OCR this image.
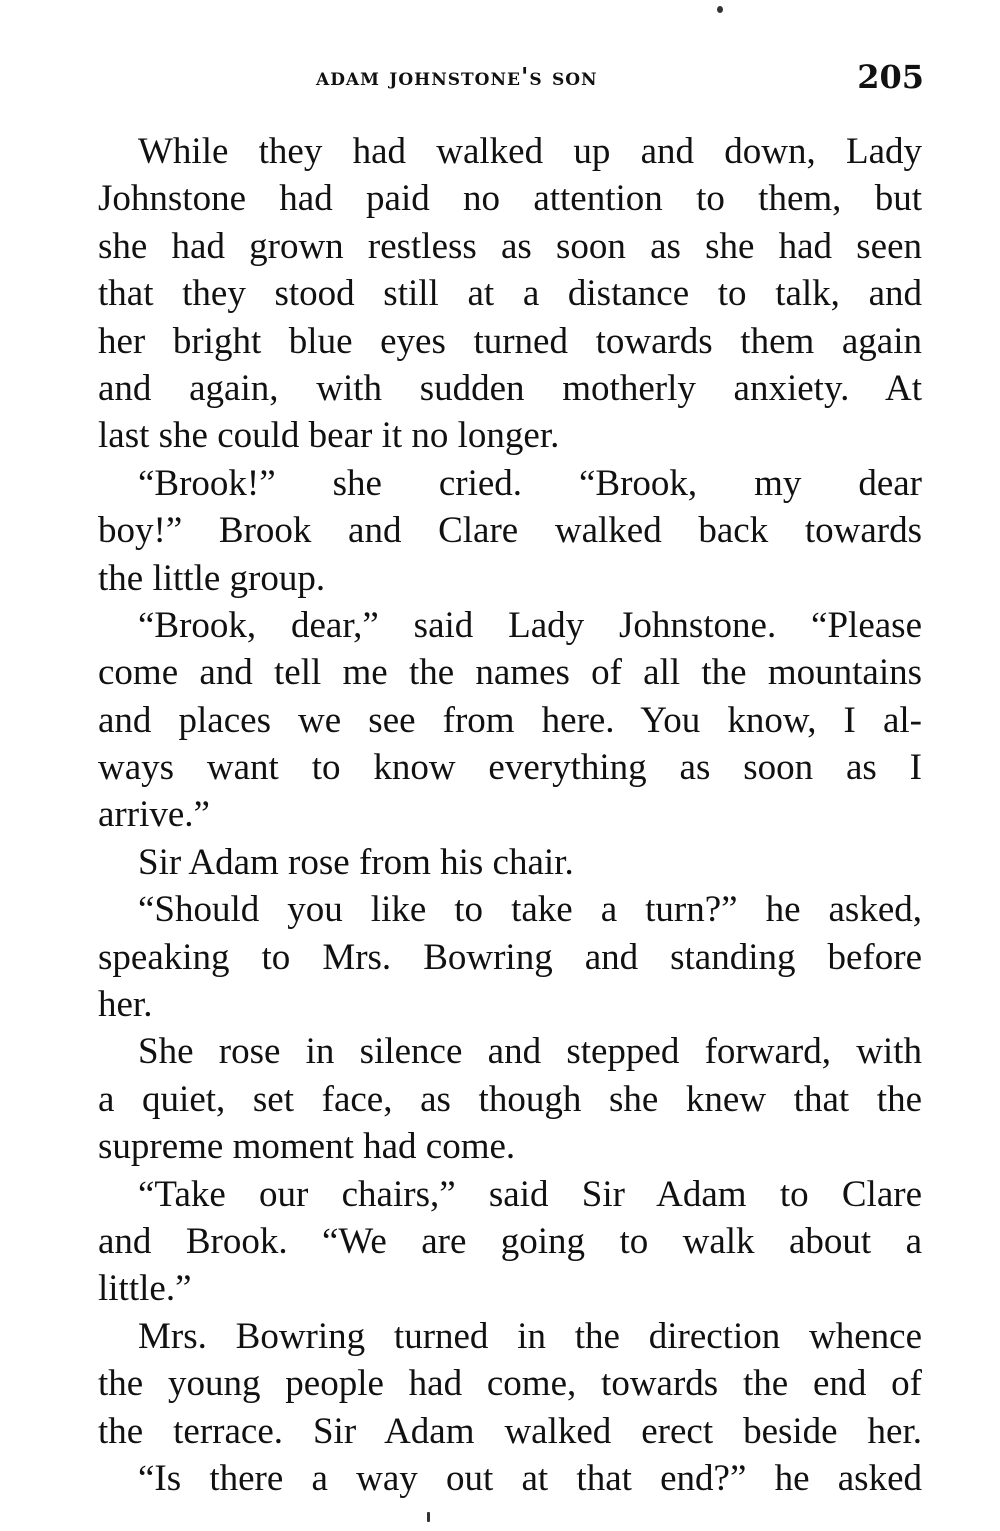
adam johnstone's son	205
While they had walked up and down, Lady
Johnstone had paid no attention to them, but
she had grown restless as soon as she had seen
that they stood still at a distance to talk, and
her bright blue eyes turned towards them again
and again, with sudden motherly anxiety. At
last she could bear it no longer.
“Brook!” she cried. “Brook, my dear
boy!” Brook and Clare walked back towards
the little group.
“Brook, dear,” said Lady Johnstone. “Please
come and tell me the names of all the mountains
and places we see from here. You know, I al-
ways want to know everything as soon as I
arrive.”
Sir Adam rose from his chair.
“Should you like to take a turn?” he asked,
speaking to Mrs. Bowring and standing before
her.
She rose in silence and stepped forward, with
a quiet, set face, as though she knew that the
supreme moment had come.
“Take our chairs,” said Sir Adam to Clare
and Brook. “We are going to walk about a
little.”
Mrs. Bowring turned in the direction whence
the young people had come, towards the end of
the terrace. Sir Adam walked erect beside her.
“Is there a way out at that end?” he asked
